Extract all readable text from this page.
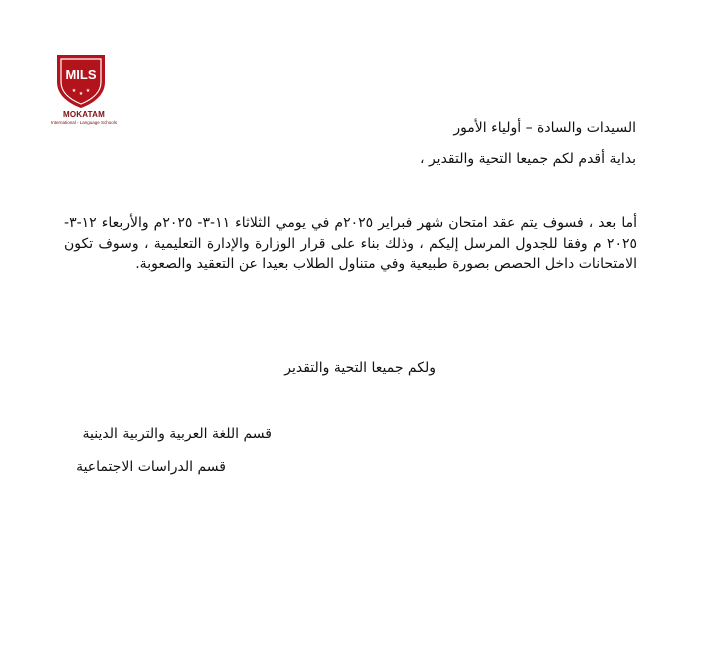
MILS
★ ★ ★
MOKATAM
International - Language Schools	السيدات والسادة – أولياء الأمور
بداية أقدم لكم جميعا التحية والتقدير ،
أما بعد ، فسوف يتم عقد امتحان شهر فبراير ٢٠٢٥م في يومي الثلاثاء ١١-٣- ٢٠٢٥م والأربعاء ١٢-٣- ٢٠٢٥ م وفقا للجدول المرسل إليكم ، وذلك بناء على قرار الوزارة والإدارة التعليمية ، وسوف تكون الامتحانات داخل الحصص بصورة طبيعية وفي متناول الطلاب بعيدا عن التعقيد والصعوبة.
ولكم جميعا التحية والتقدير
قسم اللغة العربية والتربية الدينية
قسم الدراسات الاجتماعية
